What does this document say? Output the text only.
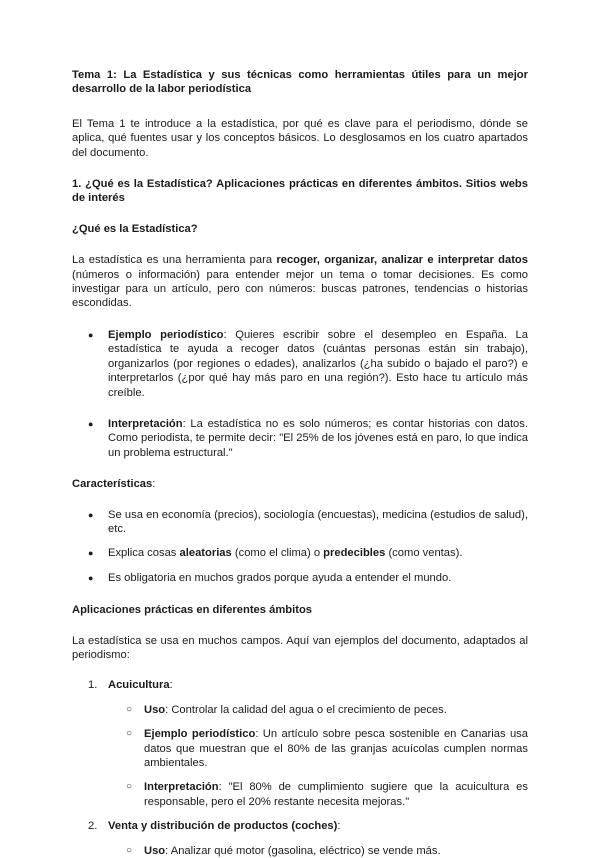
Tema 1: La Estadística y sus técnicas como herramientas útiles para un mejor desarrollo de la labor periodística

El Tema 1 te introduce a la estadística, por qué es clave para el periodismo, dónde se aplica, qué fuentes usar y los conceptos básicos. Lo desglosamos en los cuatro apartados del documento.

1. ¿Qué es la Estadística? Aplicaciones prácticas en diferentes ámbitos. Sitios webs de interés

¿Qué es la Estadística?

La estadística es una herramienta para recoger, organizar, analizar e interpretar datos (números o información) para entender mejor un tema o tomar decisiones. Es como investigar para un artículo, pero con números: buscas patrones, tendencias o historias escondidas.

● Ejemplo periodístico: Quieres escribir sobre el desempleo en España. La estadística te ayuda a recoger datos (cuántas personas están sin trabajo), organizarlos (por regiones o edades), analizarlos (¿ha subido o bajado el paro?) e interpretarlos (¿por qué hay más paro en una región?). Esto hace tu artículo más creíble.
● Interpretación: La estadística no es solo números; es contar historias con datos. Como periodista, te permite decir: "El 25% de los jóvenes está en paro, lo que indica un problema estructural."

Características:

● Se usa en economía (precios), sociología (encuestas), medicina (estudios de salud), etc.
● Explica cosas aleatorias (como el clima) o predecibles (como ventas).
● Es obligatoria en muchos grados porque ayuda a entender el mundo.

Aplicaciones prácticas en diferentes ámbitos

La estadística se usa en muchos campos. Aquí van ejemplos del documento, adaptados al periodismo:

1. Acuicultura:
○ Uso: Controlar la calidad del agua o el crecimiento de peces.
○ Ejemplo periodístico: Un artículo sobre pesca sostenible en Canarias usa datos que muestran que el 80% de las granjas acuícolas cumplen normas ambientales.
○ Interpretación: "El 80% de cumplimiento sugiere que la acuicultura es responsable, pero el 20% restante necesita mejoras."
2. Venta y distribución de productos (coches):
○ Uso: Analizar qué motor (gasolina, eléctrico) se vende más.
